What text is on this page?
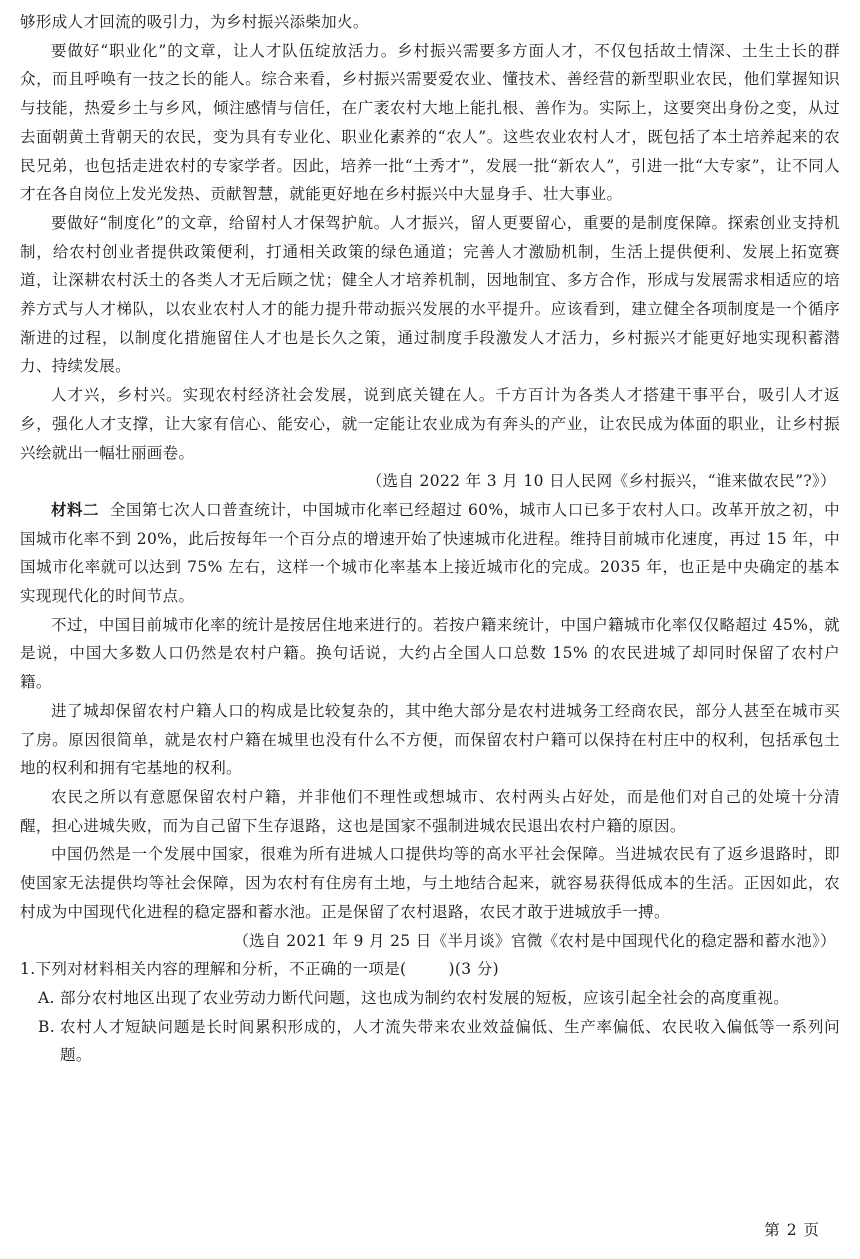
够形成人才回流的吸引力，为乡村振兴添柴加火。

要做好“职业化”的文章，让人才队伍绽放活力。乡村振兴需要多方面人才，不仅包括故土情深、土生土长的群众，而且呼唤有一技之长的能人。综合来看，乡村振兴需要爱农业、懂技术、善经营的新型职业农民，他们掌握知识与技能，热爱乡土与乡风，倾注感情与信任，在广袤农村大地上能扎根、善作为。实际上，这要突出身份之变，从过去面朝黄土背朝天的农民，变为具有专业化、职业化素养的“农人”。这些农业农村人才，既包括了本土培养起来的农民兄弟，也包括走进农村的专家学者。因此，培养一批“土秀才”，发展一批“新农人”，引进一批“大专家”，让不同人才在各自岗位上发光发热、贡献智慧，就能更好地在乡村振兴中大显身手、壮大事业。

要做好“制度化”的文章，给留村人才保驾护航。人才振兴，留人更要留心，重要的是制度保障。探索创业支持机制，给农村创业者提供政策便利，打通相关政策的绿色通道；完善人才激励机制，生活上提供便利、发展上拓宽赛道，让深耕农村沃土的各类人才无后顾之忧；健全人才培养机制，因地制宜、多方合作，形成与发展需求相适应的培养方式与人才梯队，以农业农村人才的能力提升带动振兴发展的水平提升。应该看到，建立健全各项制度是一个循序渐进的过程，以制度化措施留住人才也是长久之策，通过制度手段激发人才活力，乡村振兴才能更好地实现积蓄潜力、持续发展。

人才兴，乡村兴。实现农村经济社会发展，说到底关键在人。千方百计为各类人才搭建干事平台，吸引人才返乡，强化人才支撑，让大家有信心、能安心，就一定能让农业成为有奔头的产业，让农民成为体面的职业，让乡村振兴绘就出一幅壮丽画卷。

（选自 2022 年 3 月 10 日人民网《乡村振兴，“谁来做农民”?》）

材料二 全国第七次人口普查统计，中国城市化率已经超过 60%，城市人口已多于农村人口。改革开放之初，中国城市化率不到 20%，此后按每年一个百分点的增速开始了快速城市化进程。维持目前城市化速度，再过 15 年，中国城市化率就可以达到 75% 左右，这样一个城市化率基本上接近城市化的完成。2035 年，也正是中央确定的基本实现现代化的时间节点。

不过，中国目前城市化率的统计是按居住地来进行的。若按户籍来统计，中国户籍城市化率仅仅略超过 45%，就是说，中国大多数人口仍然是农村户籍。换句话说，大约占全国人口总数 15% 的农民进城了却同时保留了农村户籍。

进了城却保留农村户籍人口的构成是比较复杂的，其中绝大部分是农村进城务工经商农民，部分人甚至在城市买了房。原因很简单，就是农村户籍在城里也没有什么不方便，而保留农村户籍可以保持在村庄中的权利，包括承包土地的权利和拥有宅基地的权利。

农民之所以有意愿保留农村户籍，并非他们不理性或想城市、农村两头占好处，而是他们对自己的处境十分清醒，担心进城失败，而为自己留下生存退路，这也是国家不强制进城农民退出农村户籍的原因。

中国仍然是一个发展中国家，很难为所有进城人口提供均等的高水平社会保障。当进城农民有了返乡退路时，即使国家无法提供均等社会保障，因为农村有住房有土地，与土地结合起来，就容易获得低成本的生活。正因如此，农村成为中国现代化进程的稳定器和蓄水池。正是保留了农村退路，农民才敢于进城放手一搏。

（选自 2021 年 9 月 25 日《半月谈》官微《农村是中国现代化的稳定器和蓄水池》）

1.下列对材料相关内容的理解和分析，不正确的一项是(	)(3 分)

A. 部分农村地区出现了农业劳动力断代问题，这也成为制约农村发展的短板，应该引起全社会的高度重视。
B. 农村人才短缺问题是长时间累积形成的，人才流失带来农业效益偏低、生产率偏低、农民收入偏低等一系列问题。
第 2 页
